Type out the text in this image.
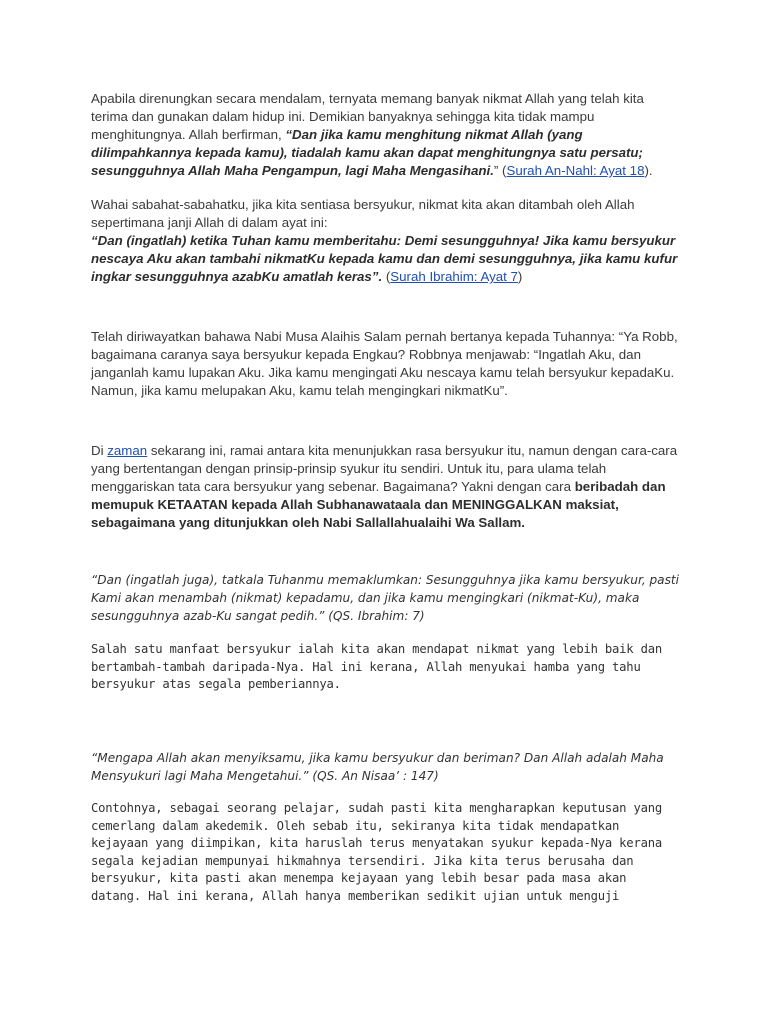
Apabila direnungkan secara mendalam, ternyata memang banyak nikmat Allah yang telah kita terima dan gunakan dalam hidup ini. Demikian banyaknya sehingga kita tidak mampu menghitungnya. Allah berfirman, “Dan jika kamu menghitung nikmat Allah (yang dilimpahkannya kepada kamu), tiadalah kamu akan dapat menghitungnya satu persatu; sesungguhnya Allah Maha Pengampun, lagi Maha Mengasihani.” (Surah An-Nahl: Ayat 18).

Wahai sabahat-sabahatku, jika kita sentiasa bersyukur, nikmat kita akan ditambah oleh Allah sepertimana janji Allah di dalam ayat ini:
“Dan (ingatlah) ketika Tuhan kamu memberitahu: Demi sesungguhnya! Jika kamu bersyukur nescaya Aku akan tambahi nikmatKu kepada kamu dan demi sesungguhnya, jika kamu kufur ingkar sesungguhnya azabKu amatlah keras”. (Surah Ibrahim: Ayat 7)

Telah diriwayatkan bahawa Nabi Musa Alaihis Salam pernah bertanya kepada Tuhannya: “Ya Robb, bagaimana caranya saya bersyukur kepada Engkau? Robbnya menjawab: “Ingatlah Aku, dan janganlah kamu lupakan Aku. Jika kamu mengingati Aku nescaya kamu telah bersyukur kepadaKu. Namun, jika kamu melupakan Aku, kamu telah mengingkari nikmatKu”.

Di zaman sekarang ini, ramai antara kita menunjukkan rasa bersyukur itu, namun dengan cara-cara yang bertentangan dengan prinsip-prinsip syukur itu sendiri. Untuk itu, para ulama telah menggariskan tata cara bersyukur yang sebenar. Bagaimana? Yakni dengan cara beribadah dan memupuk KETAATAN kepada Allah Subhanawataala dan MENINGGALKAN maksiat, sebagaimana yang ditunjukkan oleh Nabi Sallallahualaihi Wa Sallam.

“Dan (ingatlah juga), tatkala Tuhanmu memaklumkan: Sesungguhnya jika kamu bersyukur, pasti Kami akan menambah (nikmat) kepadamu, dan jika kamu mengingkari (nikmat-Ku), maka sesungguhnya azab-Ku sangat pedih.” (QS. Ibrahim: 7)

Salah satu manfaat bersyukur ialah kita akan mendapat nikmat yang lebih baik dan bertambah-tambah daripada-Nya. Hal ini kerana, Allah menyukai hamba yang tahu bersyukur atas segala pemberiannya.

“Mengapa Allah akan menyiksamu, jika kamu bersyukur dan beriman? Dan Allah adalah Maha Mensyukuri lagi Maha Mengetahui.” (QS. An Nisaa’ : 147)

Contohnya, sebagai seorang pelajar, sudah pasti kita mengharapkan keputusan yang cemerlang dalam akedemik. Oleh sebab itu, sekiranya kita tidak mendapatkan kejayaan yang diimpikan, kita haruslah terus menyatakan syukur kepada-Nya kerana segala kejadian mempunyai hikmahnya tersendiri. Jika kita terus berusaha dan bersyukur, kita pasti akan menempa kejayaan yang lebih besar pada masa akan datang. Hal ini kerana, Allah hanya memberikan sedikit ujian untuk menguji
